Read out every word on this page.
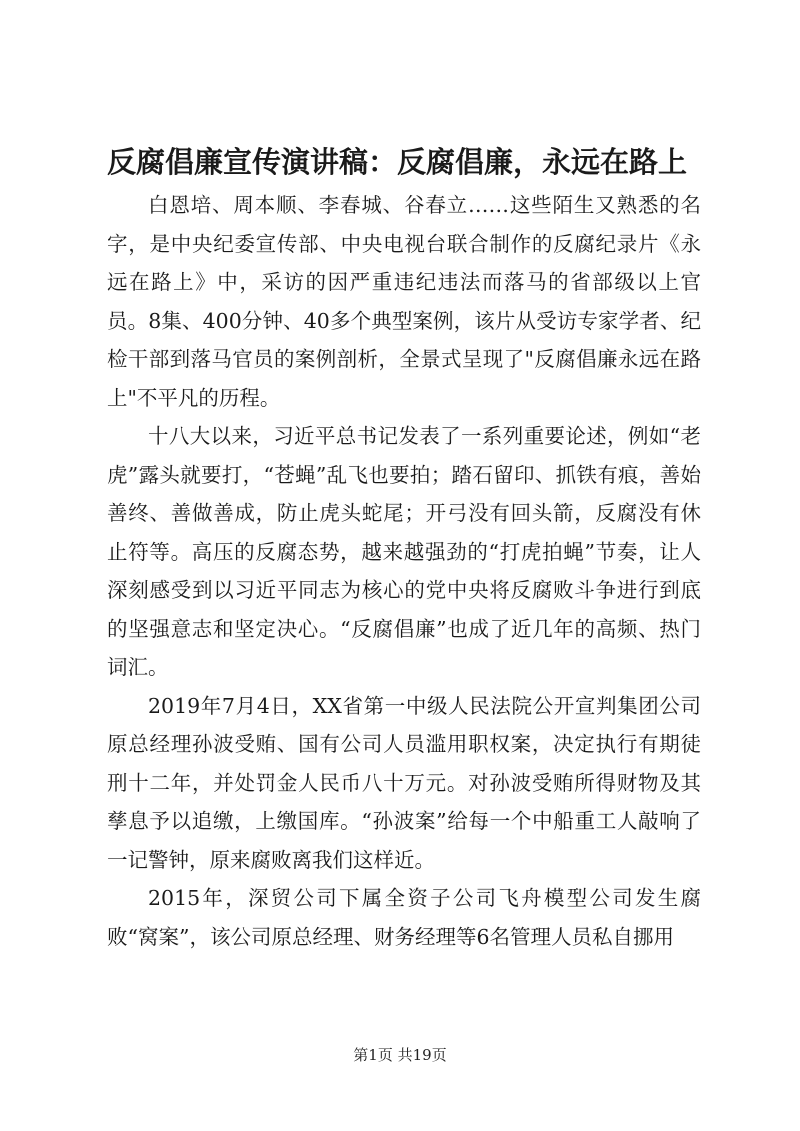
反腐倡廉宣传演讲稿：反腐倡廉，永远在路上

白恩培、周本顺、李春城、谷春立……这些陌生又熟悉的名字，是中央纪委宣传部、中央电视台联合制作的反腐纪录片《永远在路上》中，采访的因严重违纪违法而落马的省部级以上官员。8集、400分钟、40多个典型案例，该片从受访专家学者、纪检干部到落马官员的案例剖析，全景式呈现了"反腐倡廉永远在路上"不平凡的历程。

十八大以来，习近平总书记发表了一系列重要论述，例如“老虎”露头就要打，“苍蝇”乱飞也要拍；踏石留印、抓铁有痕，善始善终、善做善成，防止虎头蛇尾；开弓没有回头箭，反腐没有休止符等。高压的反腐态势，越来越强劲的“打虎拍蝇”节奏，让人深刻感受到以习近平同志为核心的党中央将反腐败斗争进行到底的坚强意志和坚定决心。“反腐倡廉”也成了近几年的高频、热门词汇。

2019年7月4日，XX省第一中级人民法院公开宣判集团公司原总经理孙波受贿、国有公司人员滥用职权案，决定执行有期徒刑十二年，并处罚金人民币八十万元。对孙波受贿所得财物及其孳息予以追缴，上缴国库。“孙波案”给每一个中船重工人敲响了一记警钟，原来腐败离我们这样近。

2015年，深贸公司下属全资子公司飞舟模型公司发生腐败“窝案”，该公司原总经理、财务经理等6名管理人员私自挪用

第1页 共19页
